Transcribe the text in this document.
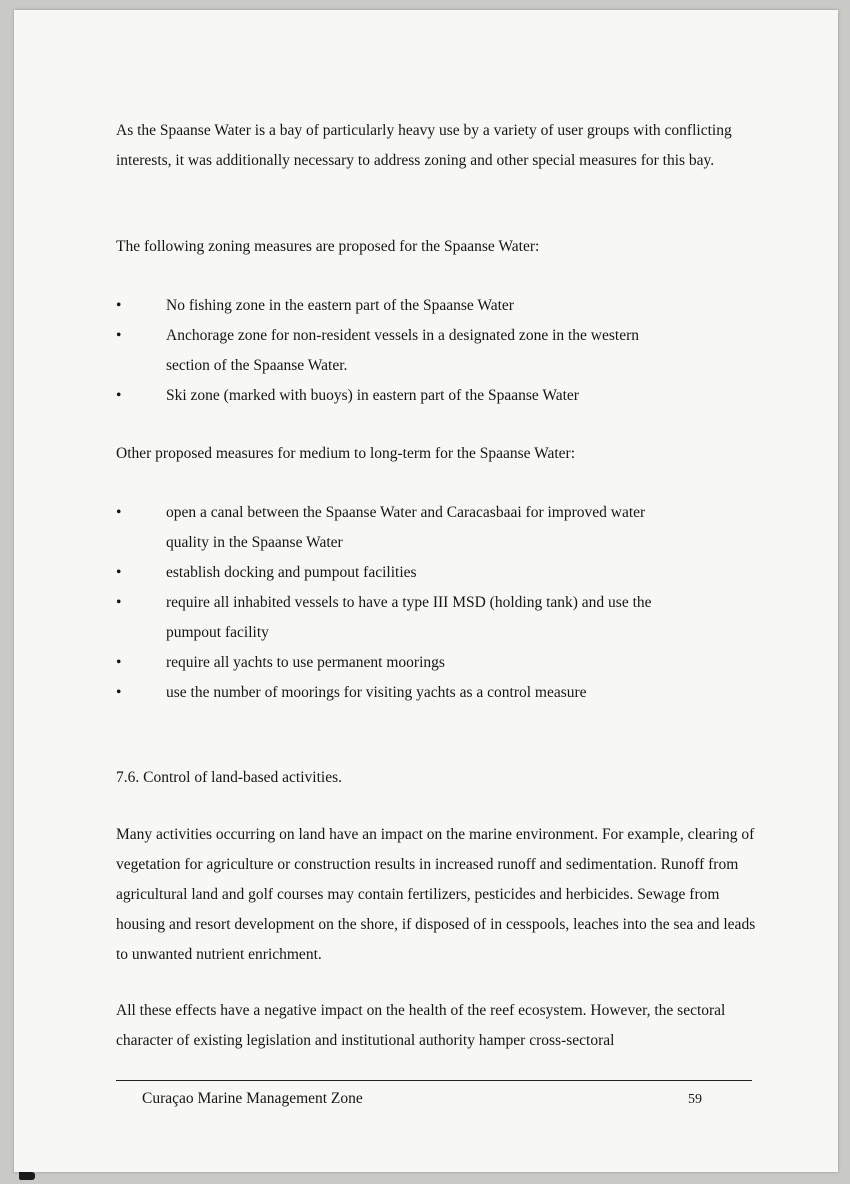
As the Spaanse Water is a bay of particularly heavy use by a variety of user groups with conflicting interests, it was additionally necessary to address zoning and other special measures for this bay.

The following zoning measures are proposed for the Spaanse Water:

•	No fishing zone in the eastern part of the Spaanse Water
•	Anchorage zone for non-resident vessels in a designated zone in the western section of the Spaanse Water.
•	Ski zone (marked with buoys) in eastern part of the Spaanse Water

Other proposed measures for medium to long-term for the Spaanse Water:

•	open a canal between the Spaanse Water and Caracasbaai for improved water quality in the Spaanse Water
•	establish docking and pumpout facilities
•	require all inhabited vessels to have a type III MSD (holding tank) and use the pumpout facility
•	require all yachts to use permanent moorings
•	use the number of moorings for visiting yachts as a control measure

7.6. Control of land-based activities.

Many activities occurring on land have an impact on the marine environment. For example, clearing of vegetation for agriculture or construction results in increased runoff and sedimentation. Runoff from agricultural land and golf courses may contain fertilizers, pesticides and herbicides. Sewage from housing and resort development on the shore, if disposed of in cesspools, leaches into the sea and leads to unwanted nutrient enrichment.

All these effects have a negative impact on the health of the reef ecosystem. However, the sectoral character of existing legislation and institutional authority hamper cross-sectoral

Curaçao Marine Management Zone	59
